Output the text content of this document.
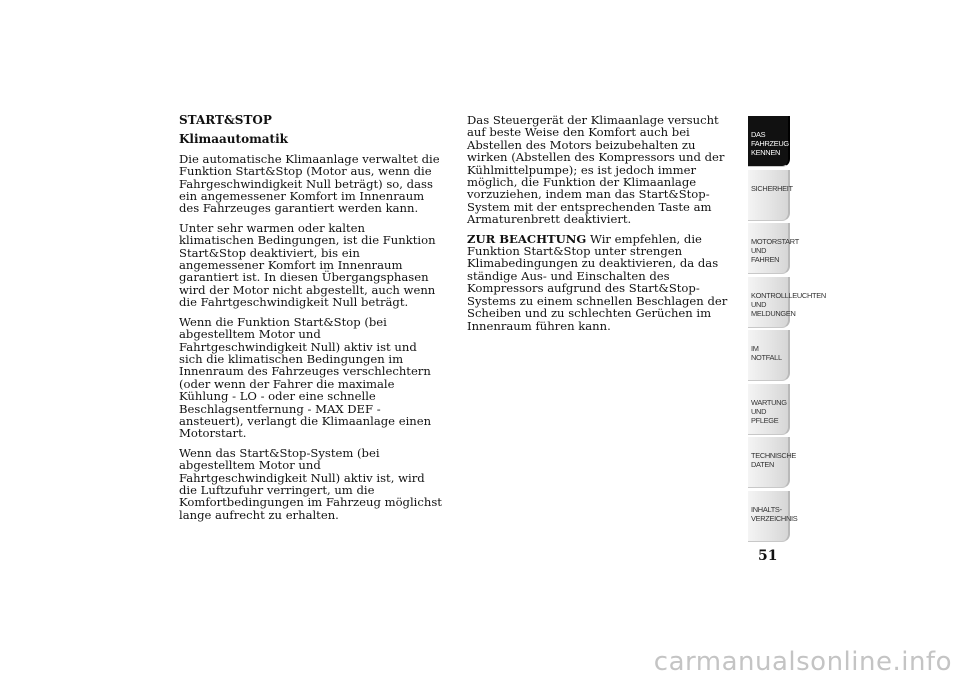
START&STOP
Klimaautomatik

Die automatische Klimaanlage verwaltet die Funktion Start&Stop (Motor aus, wenn die Fahrgeschwindigkeit Null beträgt) so, dass ein angemessener Komfort im Innenraum des Fahrzeuges garantiert werden kann.

Unter sehr warmen oder kalten klimatischen Bedingungen, ist die Funktion Start&Stop deaktiviert, bis ein angemessener Komfort im Innenraum garantiert ist. In diesen Übergangsphasen wird der Motor nicht abgestellt, auch wenn die Fahrtgeschwindigkeit Null beträgt.

Wenn die Funktion Start&Stop (bei abgestelltem Motor und Fahrtgeschwindigkeit Null) aktiv ist und sich die klimatischen Bedingungen im Innenraum des Fahrzeuges verschlechtern (oder wenn der Fahrer die maximale Kühlung - LO - oder eine schnelle Beschlagsentfernung - MAX DEF - ansteuert), verlangt die Klimaanlage einen Motorstart.

Wenn das Start&Stop-System (bei abgestelltem Motor und Fahrtgeschwindigkeit Null) aktiv ist, wird die Luftzufuhr verringert, um die Komfortbedingungen im Fahrzeug möglichst lange aufrecht zu erhalten.

Das Steuergerät der Klimaanlage versucht auf beste Weise den Komfort auch bei Abstellen des Motors beizubehalten zu wirken (Abstellen des Kompressors und der Kühlmittelpumpe); es ist jedoch immer möglich, die Funktion der Klimaanlage vorzuziehen, indem man das Start&Stop-System mit der entsprechenden Taste am Armaturenbrett deaktiviert.

ZUR BEACHTUNG Wir empfehlen, die Funktion Start&Stop unter strengen Klimabedingungen zu deaktivieren, da das ständige Aus- und Einschalten des Kompressors aufgrund des Start&Stop-Systems zu einem schnellen Beschlagen der Scheiben und zu schlechten Gerüchen im Innenraum führen kann.

DAS FAHRZEUG
KENNEN
SICHERHEIT
MOTORSTART UND
FAHREN
KONTROLLLEUCHTEN
UND MELDUNGEN
IM NOTFALL
WARTUNG UND
PFLEGE
TECHNISCHE
DATEN
INHALTS-
VERZEICHNIS
51
carmanualsonline.info
